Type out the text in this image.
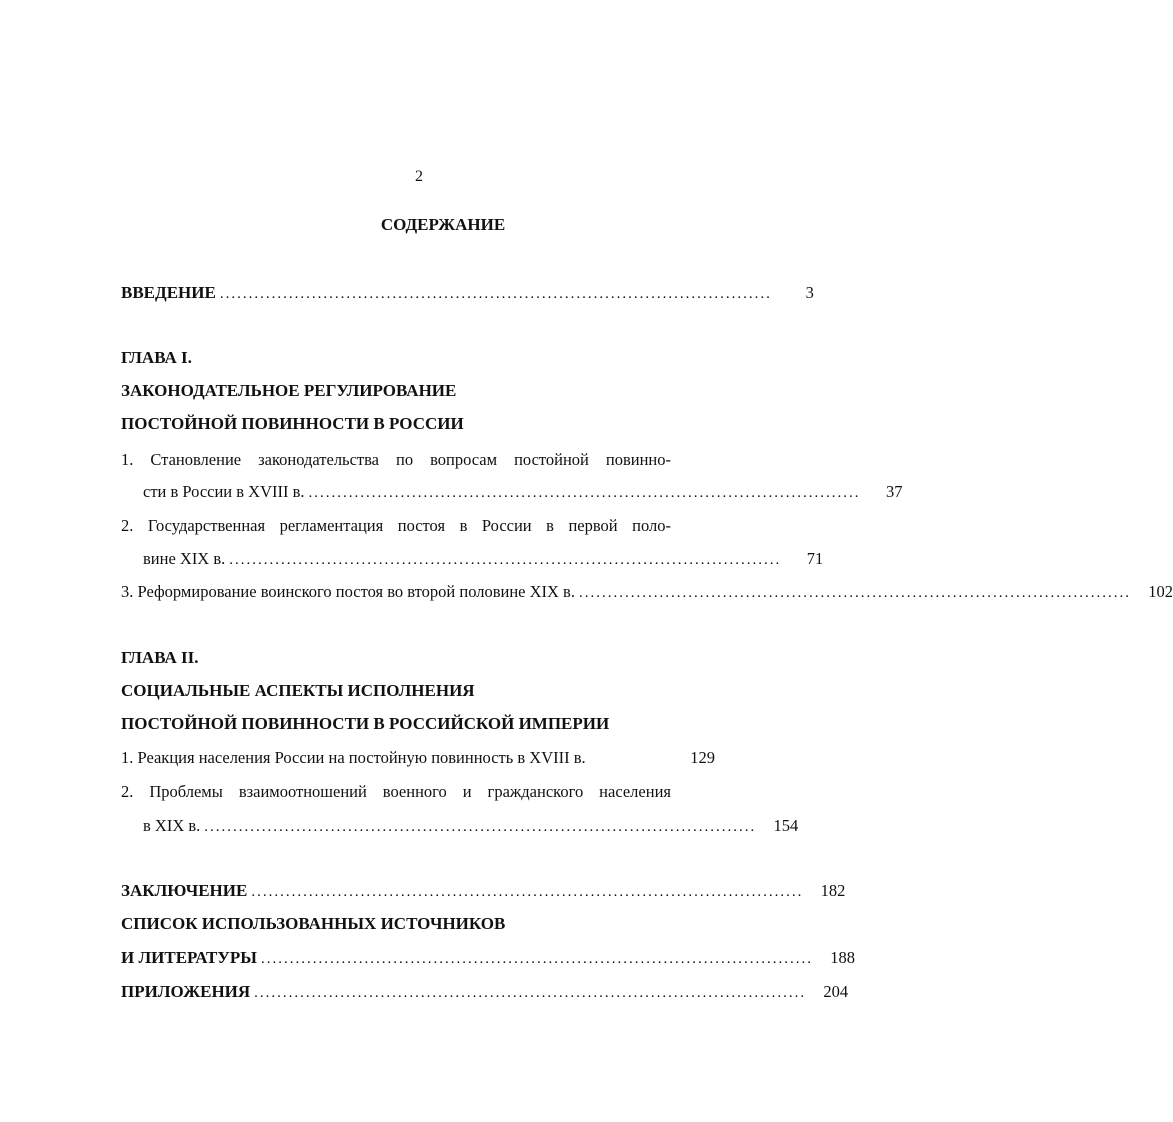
2
СОДЕРЖАНИЕ
ВВЕДЕНИЕ ................................................................................................	3
ГЛАВА I.
ЗАКОНОДАТЕЛЬНОЕ РЕГУЛИРОВАНИЕ
ПОСТОЙНОЙ ПОВИННОСТИ В РОССИИ
1. Становление законодательства по вопросам постойной повинно-
сти в России в XVIII в. ................................................................................................	37
2. Государственная регламентация постоя в России в первой поло-
вине XIX в. ................................................................................................	71
3. Реформирование воинского постоя во второй половине XIX в. ................................................................................................	102
ГЛАВА II.
СОЦИАЛЬНЫЕ АСПЕКТЫ ИСПОЛНЕНИЯ
ПОСТОЙНОЙ ПОВИННОСТИ В РОССИЙСКОЙ ИМПЕРИИ
1. Реакция населения России на постойную повинность в XVIII в.	129
2. Проблемы взаимоотношений военного и гражданского населения
в XIX в. ................................................................................................	154
ЗАКЛЮЧЕНИЕ ................................................................................................	182
СПИСОК ИСПОЛЬЗОВАННЫХ ИСТОЧНИКОВ
И ЛИТЕРАТУРЫ ................................................................................................	188
ПРИЛОЖЕНИЯ ................................................................................................	204
